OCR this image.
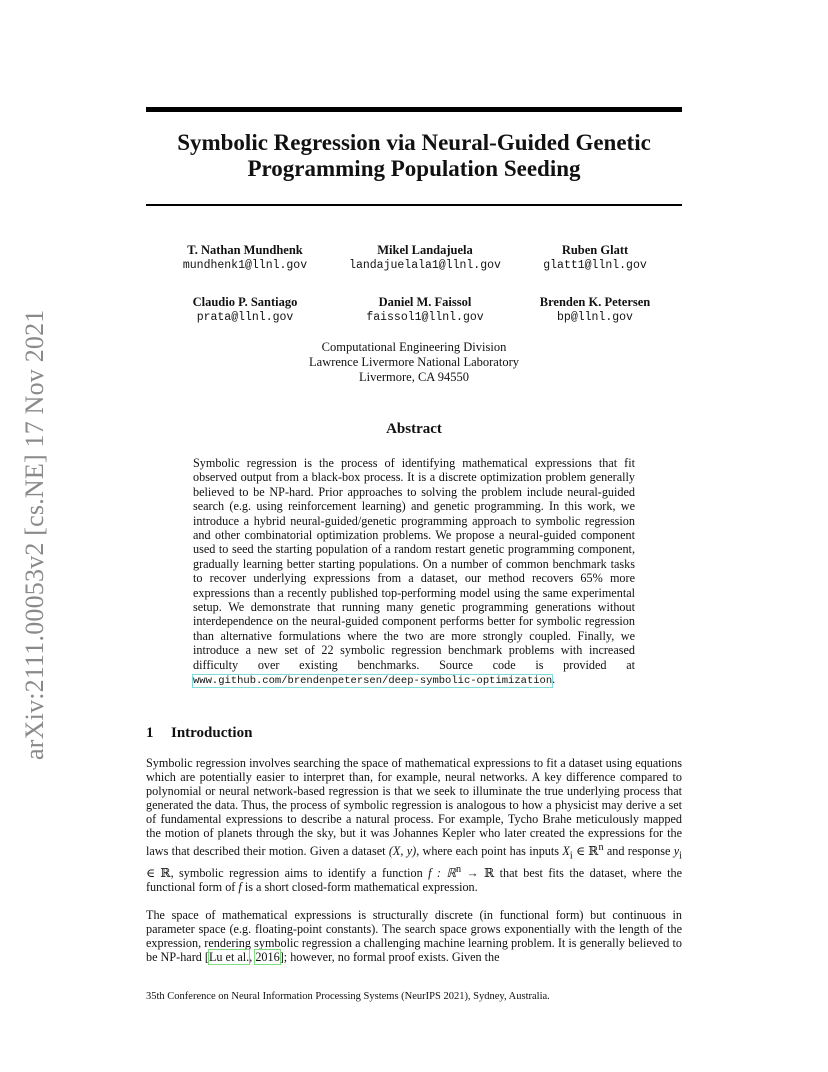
arXiv:2111.00053v2 [cs.NE] 17 Nov 2021
Symbolic Regression via Neural-Guided Genetic
Programming Population Seeding
T. Nathan Mundhenk
mundhenk1@llnl.gov
Mikel Landajuela
landajuelala1@llnl.gov
Ruben Glatt
glatt1@llnl.gov
Claudio P. Santiago
prata@llnl.gov
Daniel M. Faissol
faissol1@llnl.gov
Brenden K. Petersen
bp@llnl.gov
Computational Engineering Division
Lawrence Livermore National Laboratory
Livermore, CA 94550
Abstract
Symbolic regression is the process of identifying mathematical expressions that fit observed output from a black-box process. It is a discrete optimization problem generally believed to be NP-hard. Prior approaches to solving the problem include neural-guided search (e.g. using reinforcement learning) and genetic programming. In this work, we introduce a hybrid neural-guided/genetic programming approach to symbolic regression and other combinatorial optimization problems. We propose a neural-guided component used to seed the starting population of a random restart genetic programming component, gradually learning better starting populations. On a number of common benchmark tasks to recover underlying expressions from a dataset, our method recovers 65% more expressions than a recently published top-performing model using the same experimental setup. We demonstrate that running many genetic programming generations without interdependence on the neural-guided component performs better for symbolic regression than alternative formulations where the two are more strongly coupled. Finally, we introduce a new set of 22 symbolic regression benchmark problems with increased difficulty over existing benchmarks. Source code is provided at www.github.com/brendenpetersen/deep-symbolic-optimization.
1 Introduction

Symbolic regression involves searching the space of mathematical expressions to fit a dataset using equations which are potentially easier to interpret than, for example, neural networks. A key difference compared to polynomial or neural network-based regression is that we seek to illuminate the true underlying process that generated the data. Thus, the process of symbolic regression is analogous to how a physicist may derive a set of fundamental expressions to describe a natural process. For example, Tycho Brahe meticulously mapped the motion of planets through the sky, but it was Johannes Kepler who later created the expressions for the laws that described their motion. Given a dataset (X, y), where each point has inputs $X_i$ ∈ ℝ$^n$ and response $y_i$ ∈ ℝ, symbolic regression aims to identify a function f : ℝ$^n$ → ℝ that best fits the dataset, where the functional form of f is a short closed-form mathematical expression.

The space of mathematical expressions is structurally discrete (in functional form) but continuous in parameter space (e.g. floating-point constants). The search space grows exponentially with the length of the expression, rendering symbolic regression a challenging machine learning problem. It is generally believed to be NP-hard [Lu et al., 2016]; however, no formal proof exists. Given the

35th Conference on Neural Information Processing Systems (NeurIPS 2021), Sydney, Australia.
